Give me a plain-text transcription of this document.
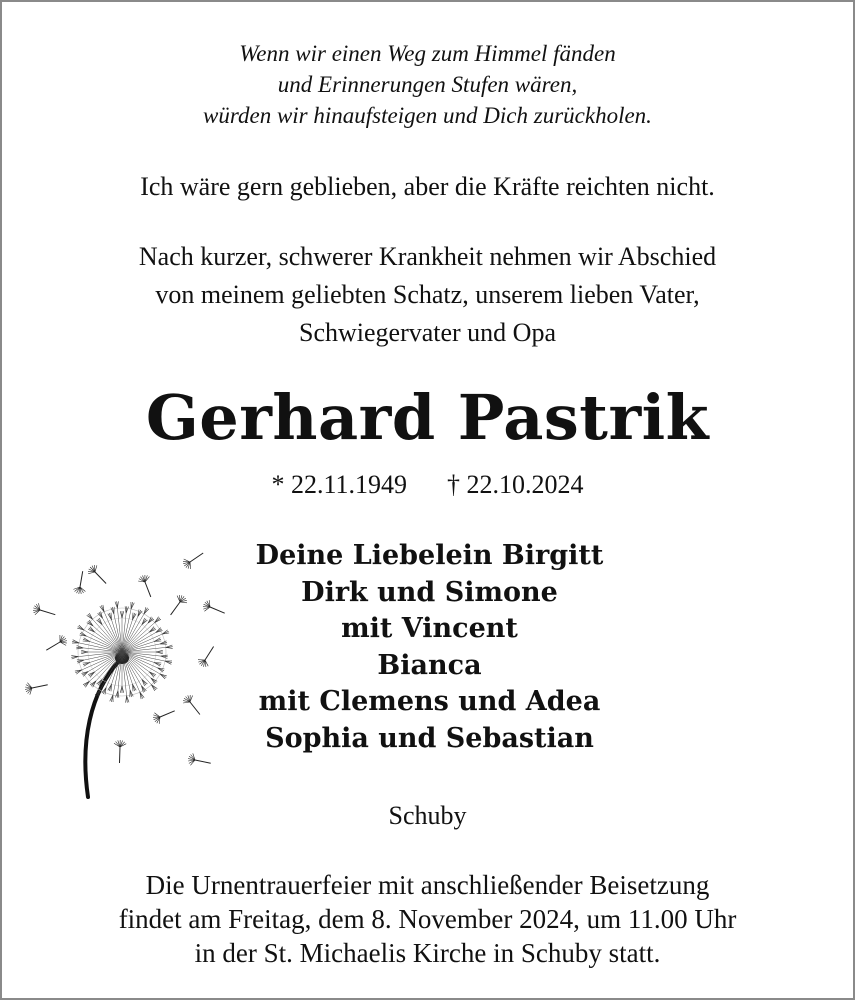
Wenn wir einen Weg zum Himmel fänden
und Erinnerungen Stufen wären,
würden wir hinaufsteigen und Dich zurückholen.
Ich wäre gern geblieben, aber die Kräfte reichten nicht.
Nach kurzer, schwerer Krankheit nehmen wir Abschied
von meinem geliebten Schatz, unserem lieben Vater,
Schwiegervater und Opa
Gerhard Pastrik
* 22.11.1949 † 22.10.2024
Deine Liebelein Birgitt
Dirk und Simone
mit Vincent
Bianca
mit Clemens und Adea
Sophia und Sebastian
Schuby
Die Urnentrauerfeier mit anschließender Beisetzung
findet am Freitag, dem 8. November 2024, um 11.00 Uhr
in der St. Michaelis Kirche in Schuby statt.
